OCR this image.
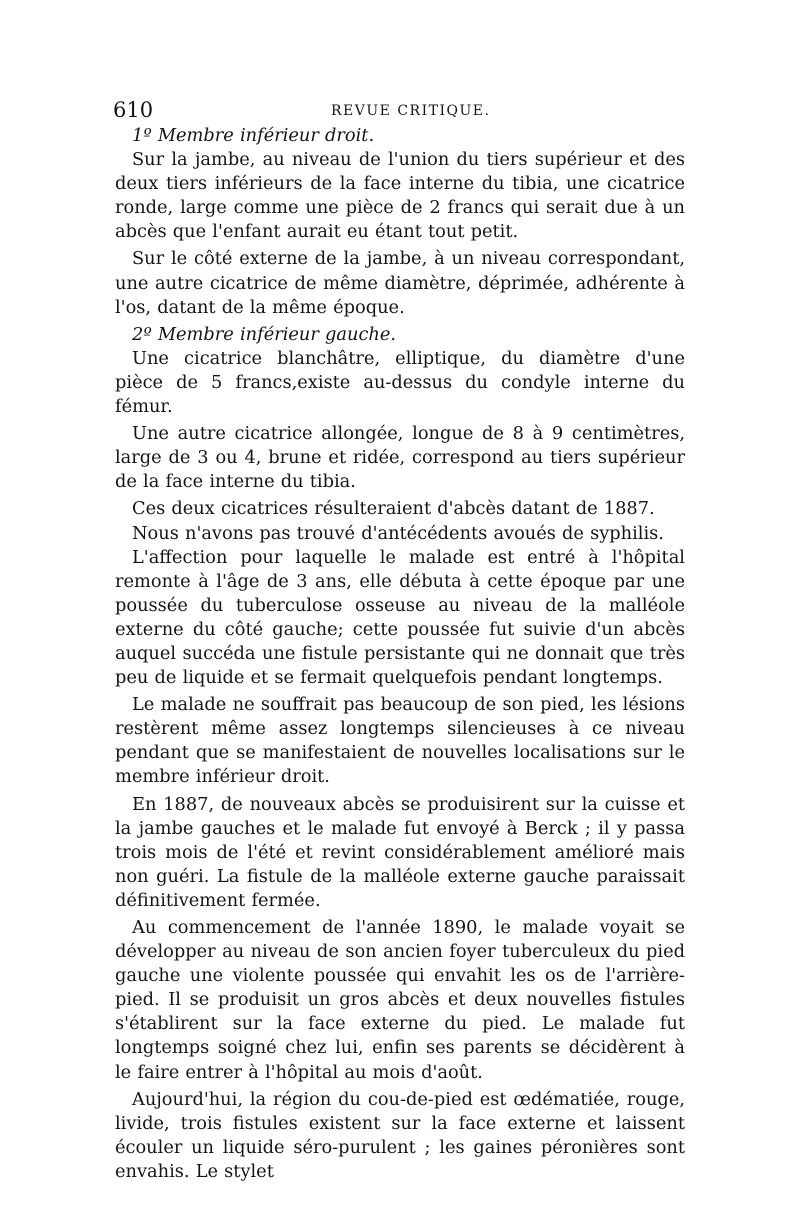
610	REVUE CRITIQUE.

1º Membre inférieur droit.

Sur la jambe, au niveau de l'union du tiers supérieur et des deux tiers inférieurs de la face interne du tibia, une cicatrice ronde, large comme une pièce de 2 francs qui serait due à un abcès que l'enfant aurait eu étant tout petit.

Sur le côté externe de la jambe, à un niveau correspondant, une autre cicatrice de même diamètre, déprimée, adhérente à l'os, datant de la même époque.

2º Membre inférieur gauche.

Une cicatrice blanchâtre, elliptique, du diamètre d'une pièce de 5 francs,existe au-dessus du condyle interne du fémur.

Une autre cicatrice allongée, longue de 8 à 9 centimètres, large de 3 ou 4, brune et ridée, correspond au tiers supérieur de la face interne du tibia.

Ces deux cicatrices résulteraient d'abcès datant de 1887.

Nous n'avons pas trouvé d'antécédents avoués de syphilis.

L'affection pour laquelle le malade est entré à l'hôpital remonte à l'âge de 3 ans, elle débuta à cette époque par une poussée du tuberculose osseuse au niveau de la malléole externe du côté gauche; cette poussée fut suivie d'un abcès auquel succéda une fistule persistante qui ne donnait que très peu de liquide et se fermait quelquefois pendant longtemps.

Le malade ne souffrait pas beaucoup de son pied, les lésions restèrent même assez longtemps silencieuses à ce niveau pendant que se manifestaient de nouvelles localisations sur le membre inférieur droit.

En 1887, de nouveaux abcès se produisirent sur la cuisse et la jambe gauches et le malade fut envoyé à Berck ; il y passa trois mois de l'été et revint considérablement amélioré mais non guéri. La fistule de la malléole externe gauche paraissait définitivement fermée.

Au commencement de l'année 1890, le malade voyait se développer au niveau de son ancien foyer tuberculeux du pied gauche une violente poussée qui envahit les os de l'arrière-pied. Il se produisit un gros abcès et deux nouvelles fistules s'établirent sur la face externe du pied. Le malade fut longtemps soigné chez lui, enfin ses parents se décidèrent à le faire entrer à l'hôpital au mois d'août.

Aujourd'hui, la région du cou-de-pied est œdématiée, rouge, livide, trois fistules existent sur la face externe et laissent écouler un liquide séro-purulent ; les gaines péronières sont envahis. Le stylet
